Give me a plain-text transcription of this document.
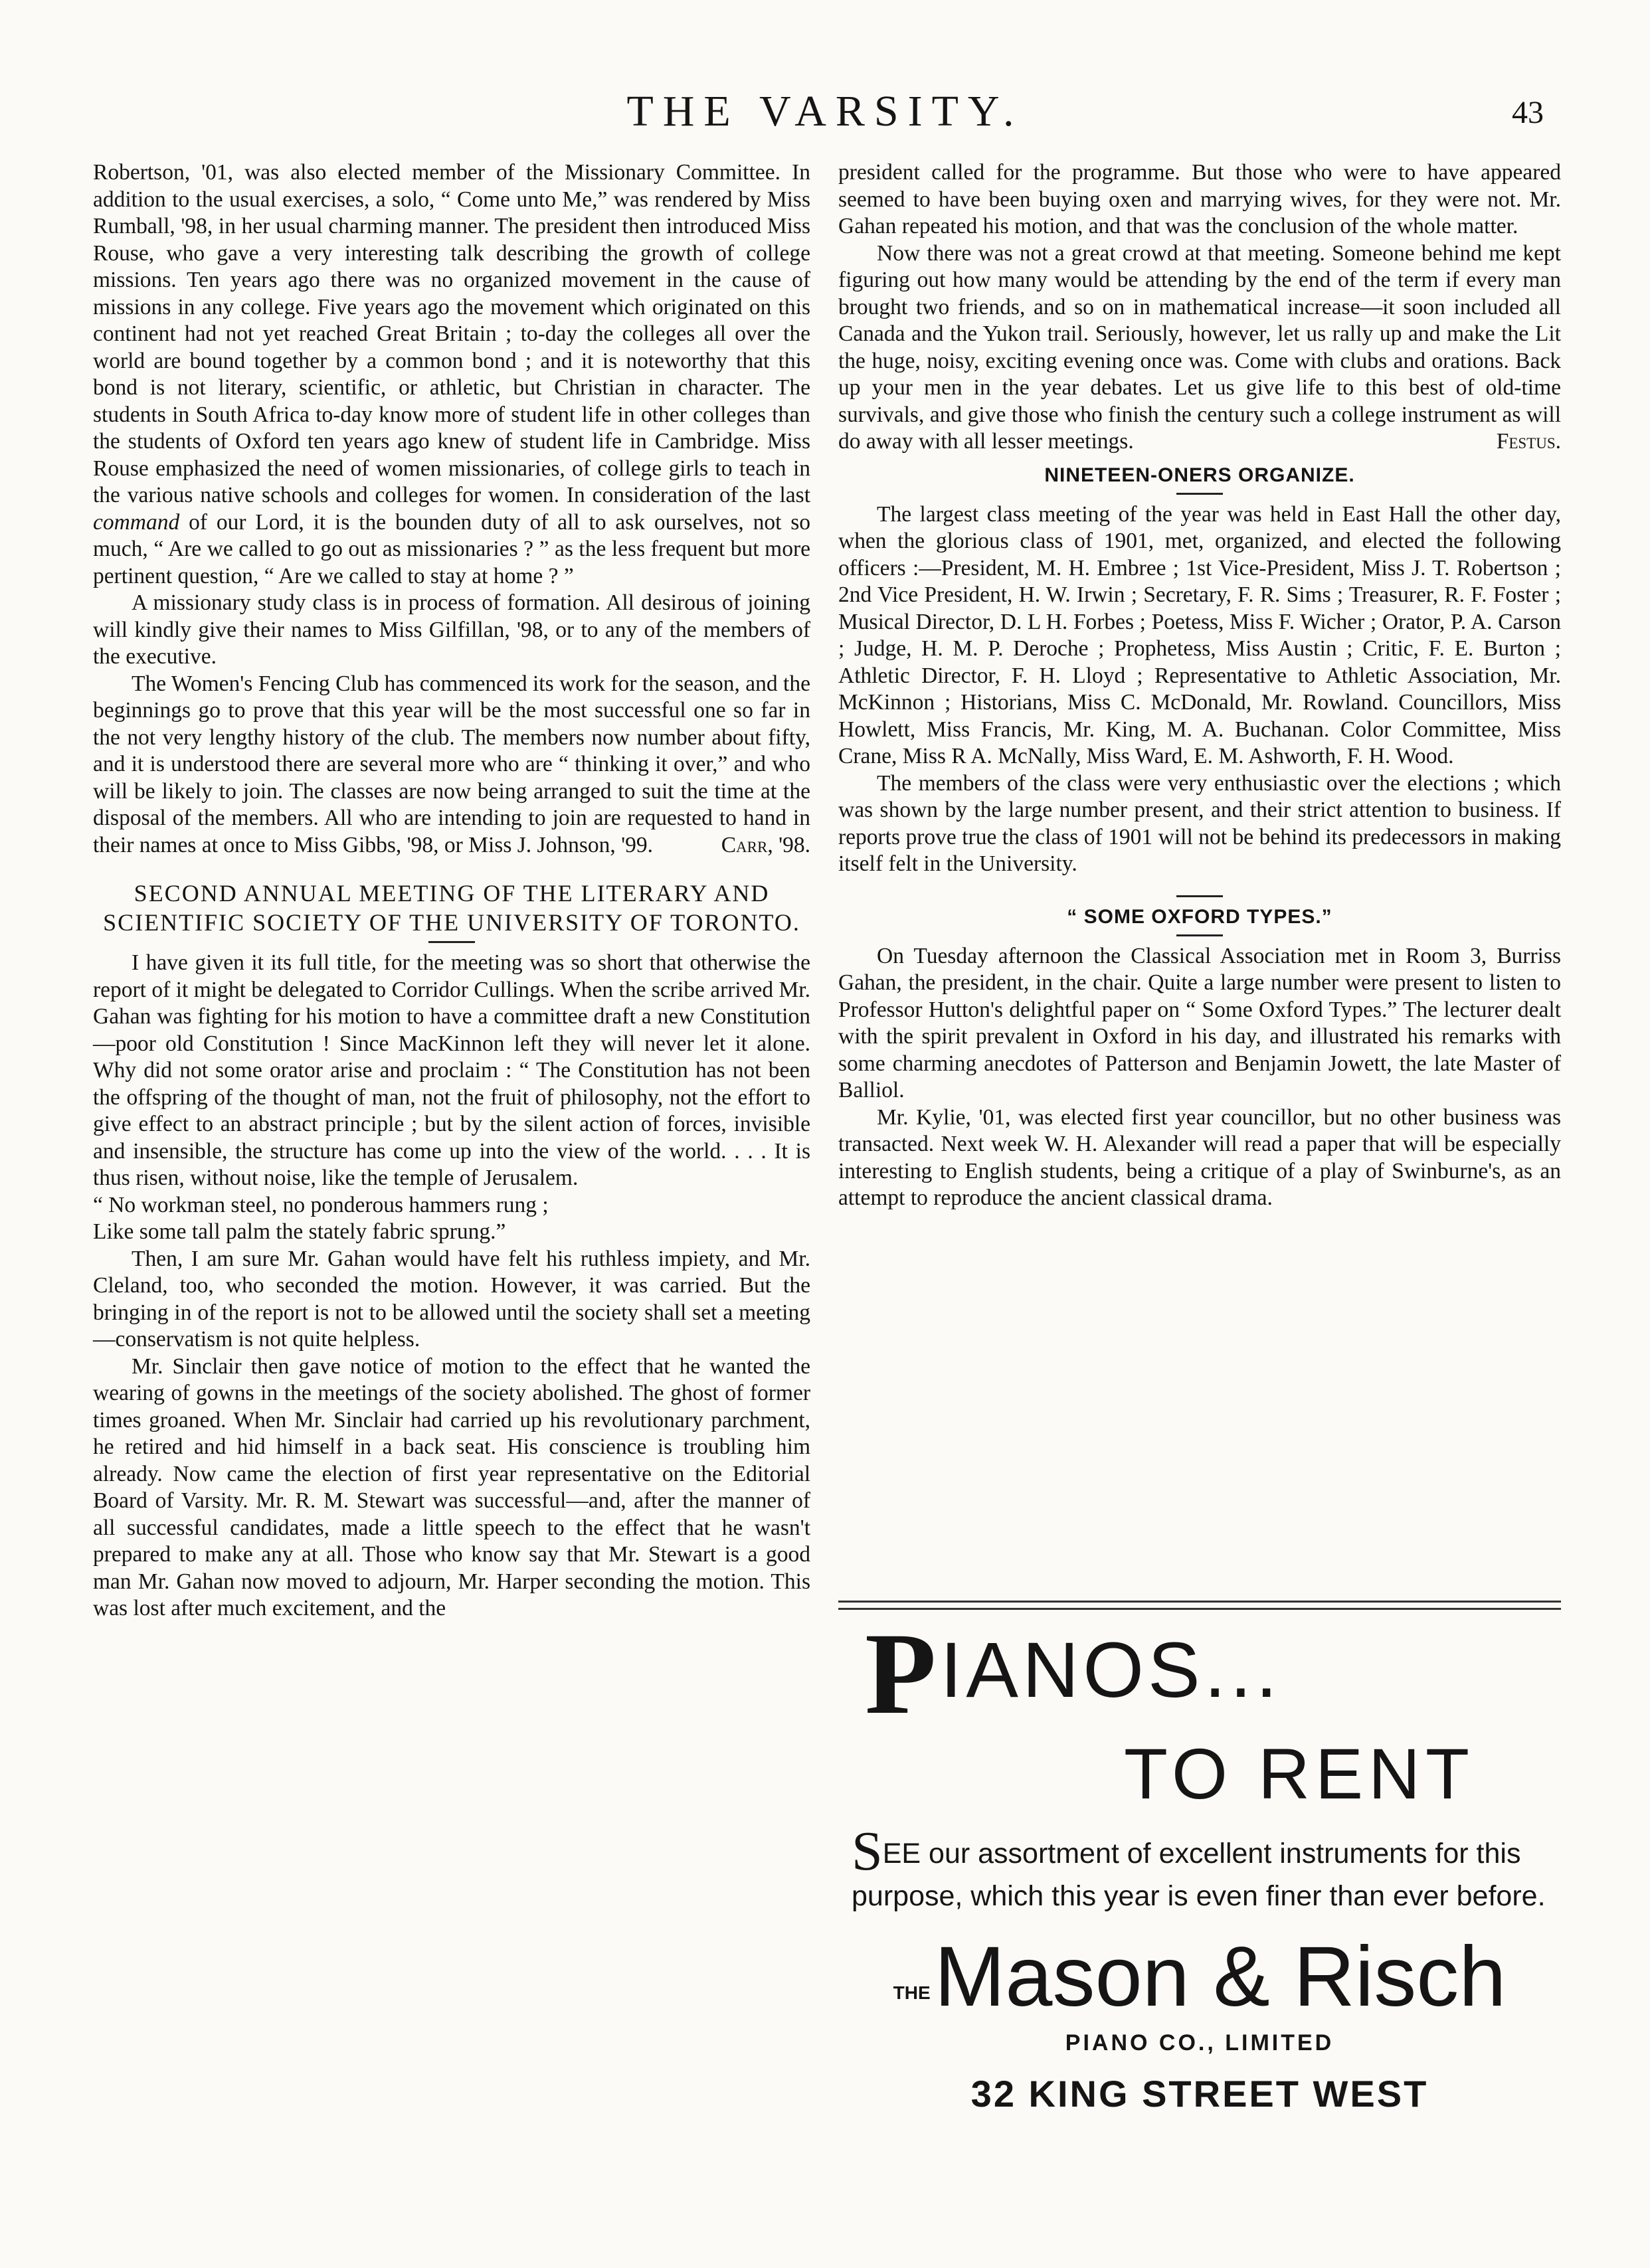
THE VARSITY.	43

Robertson, '01, was also elected member of the Missionary Committee. In addition to the usual exercises, a solo, “ Come unto Me,” was rendered by Miss Rumball, '98, in her usual charming manner. The president then introduced Miss Rouse, who gave a very interesting talk describing the growth of college missions. Ten years ago there was no organized movement in the cause of missions in any college. Five years ago the movement which originated on this continent had not yet reached Great Britain ; to-day the colleges all over the world are bound together by a common bond ; and it is noteworthy that this bond is not literary, scientific, or athletic, but Christian in character. The students in South Africa to-day know more of student life in other colleges than the students of Oxford ten years ago knew of student life in Cambridge. Miss Rouse emphasized the need of women missionaries, of college girls to teach in the various native schools and colleges for women. In consideration of the last command of our Lord, it is the bounden duty of all to ask ourselves, not so much, “ Are we called to go out as missionaries ? ” as the less frequent but more pertinent question, “ Are we called to stay at home ? ”

A missionary study class is in process of formation. All desirous of joining will kindly give their names to Miss Gilfillan, '98, or to any of the members of the executive.

The Women's Fencing Club has commenced its work for the season, and the beginnings go to prove that this year will be the most successful one so far in the not very lengthy history of the club. The members now number about fifty, and it is understood there are several more who are “ thinking it over,” and who will be likely to join. The classes are now being arranged to suit the time at the disposal of the members. All who are intending to join are requested to hand in their names at once to Miss Gibbs, '98, or Miss J. Johnson, '99.	Carr, '98.

SECOND ANNUAL MEETING OF THE LITERARY AND SCIENTIFIC SOCIETY OF THE UNIVERSITY OF TORONTO.

I have given it its full title, for the meeting was so short that otherwise the report of it might be delegated to Corridor Cullings. When the scribe arrived Mr. Gahan was fighting for his motion to have a committee draft a new Constitution—poor old Constitution ! Since MacKinnon left they will never let it alone. Why did not some orator arise and proclaim : “ The Constitution has not been the offspring of the thought of man, not the fruit of philosophy, not the effort to give effect to an abstract principle ; but by the silent action of forces, invisible and insensible, the structure has come up into the view of the world. . . . It is thus risen, without noise, like the temple of Jerusalem.

“ No workman steel, no ponderous hammers rung ;

Like some tall palm the stately fabric sprung.”

Then, I am sure Mr. Gahan would have felt his ruthless impiety, and Mr. Cleland, too, who seconded the motion. However, it was carried. But the bringing in of the report is not to be allowed until the society shall set a meeting—conservatism is not quite helpless.

Mr. Sinclair then gave notice of motion to the effect that he wanted the wearing of gowns in the meetings of the society abolished. The ghost of former times groaned. When Mr. Sinclair had carried up his revolutionary parchment, he retired and hid himself in a back seat. His conscience is troubling him already. Now came the election of first year representative on the Editorial Board of Varsity. Mr. R. M. Stewart was successful—and, after the manner of all successful candidates, made a little speech to the effect that he wasn't prepared to make any at all. Those who know say that Mr. Stewart is a good man Mr. Gahan now moved to adjourn, Mr. Harper seconding the motion. This was lost after much excitement, and the

president called for the programme. But those who were to have appeared seemed to have been buying oxen and marrying wives, for they were not. Mr. Gahan repeated his motion, and that was the conclusion of the whole matter.

Now there was not a great crowd at that meeting. Someone behind me kept figuring out how many would be attending by the end of the term if every man brought two friends, and so on in mathematical increase—it soon included all Canada and the Yukon trail. Seriously, however, let us rally up and make the Lit the huge, noisy, exciting evening once was. Come with clubs and orations. Back up your men in the year debates. Let us give life to this best of old-time survivals, and give those who finish the century such a college instrument as will do away with all lesser meetings.	Festus.

NINETEEN-ONERS ORGANIZE.

The largest class meeting of the year was held in East Hall the other day, when the glorious class of 1901, met, organized, and elected the following officers :—President, M. H. Embree ; 1st Vice-President, Miss J. T. Robertson ; 2nd Vice President, H. W. Irwin ; Secretary, F. R. Sims ; Treasurer, R. F. Foster ; Musical Director, D. L H. Forbes ; Poetess, Miss F. Wicher ; Orator, P. A. Carson ; Judge, H. M. P. Deroche ; Prophetess, Miss Austin ; Critic, F. E. Burton ; Athletic Director, F. H. Lloyd ; Representative to Athletic Association, Mr. McKinnon ; Historians, Miss C. McDonald, Mr. Rowland. Councillors, Miss Howlett, Miss Francis, Mr. King, M. A. Buchanan. Color Committee, Miss Crane, Miss R A. McNally, Miss Ward, E. M. Ashworth, F. H. Wood.

The members of the class were very enthusiastic over the elections ; which was shown by the large number present, and their strict attention to business. If reports prove true the class of 1901 will not be behind its predecessors in making itself felt in the University.

“ SOME OXFORD TYPES.”

On Tuesday afternoon the Classical Association met in Room 3, Burriss Gahan, the president, in the chair. Quite a large number were present to listen to Professor Hutton's delightful paper on “ Some Oxford Types.” The lecturer dealt with the spirit prevalent in Oxford in his day, and illustrated his remarks with some charming anecdotes of Patterson and Benjamin Jowett, the late Master of Balliol.

Mr. Kylie, '01, was elected first year councillor, but no other business was transacted. Next week W. H. Alexander will read a paper that will be especially interesting to English students, being a critique of a play of Swinburne's, as an attempt to reproduce the ancient classical drama.

PIANOS...
TO RENT
SEE our assortment of excellent instruments for this purpose, which this year is even finer than ever before.
THE Mason & Risch
PIANO CO., LIMITED
32 KING STREET WEST
